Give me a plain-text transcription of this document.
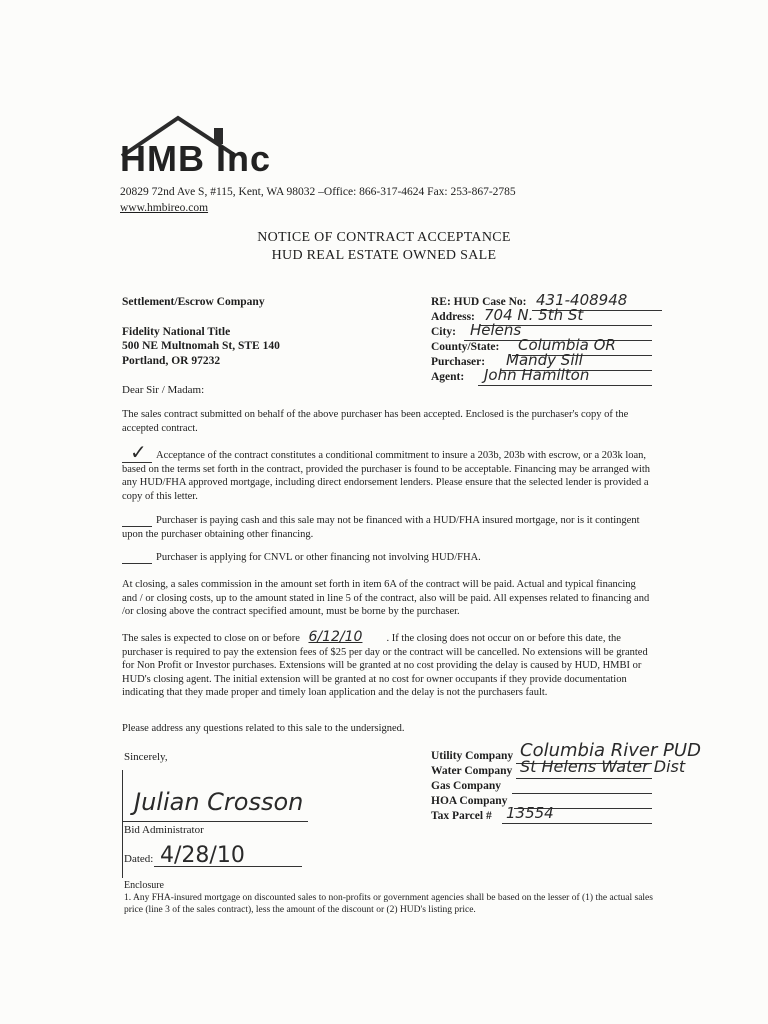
HMB Inc
20829 72nd Ave S, #115, Kent, WA 98032 –Office: 866-317-4624 Fax: 253-867-2785
www.hmbireo.com
NOTICE OF CONTRACT ACCEPTANCE
HUD REAL ESTATE OWNED SALE
Settlement/Escrow Company
Fidelity National Title
500 NE Multnomah St, STE 140
Portland, OR 97232
RE: HUD Case No: 431-408948
Address: 704 N. 5th St
City: Helens
County/State: Columbia OR
Purchaser: Mandy Sill
Agent: John Hamilton
Dear Sir / Madam:
The sales contract submitted on behalf of the above purchaser has been accepted. Enclosed is the purchaser's copy of the accepted contract.
✓ Acceptance of the contract constitutes a conditional commitment to insure a 203b, 203b with escrow, or a 203k loan, based on the terms set forth in the contract, provided the purchaser is found to be acceptable. Financing may be arranged with any HUD/FHA approved mortgage, including direct endorsement lenders. Please ensure that the selected lender is provided a copy of this letter.
Purchaser is paying cash and this sale may not be financed with a HUD/FHA insured mortgage, nor is it contingent upon the purchaser obtaining other financing.
Purchaser is applying for CNVL or other financing not involving HUD/FHA.
At closing, a sales commission in the amount set forth in item 6A of the contract will be paid. Actual and typical financing and / or closing costs, up to the amount stated in line 5 of the contract, also will be paid. All expenses related to financing and /or closing above the contract specified amount, must be borne by the purchaser.
The sales is expected to close on or before 6/12/10 . If the closing does not occur on or before this date, the purchaser is required to pay the extension fees of $25 per day or the contract will be cancelled. No extensions will be granted for Non Profit or Investor purchases. Extensions will be granted at no cost providing the delay is caused by HUD, HMBI or HUD's closing agent. The initial extension will be granted at no cost for owner occupants if they provide documentation indicating that they made proper and timely loan application and the delay is not the purchasers fault.
Please address any questions related to this sale to the undersigned.
Sincerely,
Julian Crosson
Bid Administrator
Dated: 4/28/10
Utility Company Columbia River PUD
Water Company St Helens Water Dist
Gas Company
HOA Company
Tax Parcel # 13554
Enclosure
1. Any FHA-insured mortgage on discounted sales to non-profits or government agencies shall be based on the lesser of (1) the actual sales price (line 3 of the sales contract), less the amount of the discount or (2) HUD's listing price.
